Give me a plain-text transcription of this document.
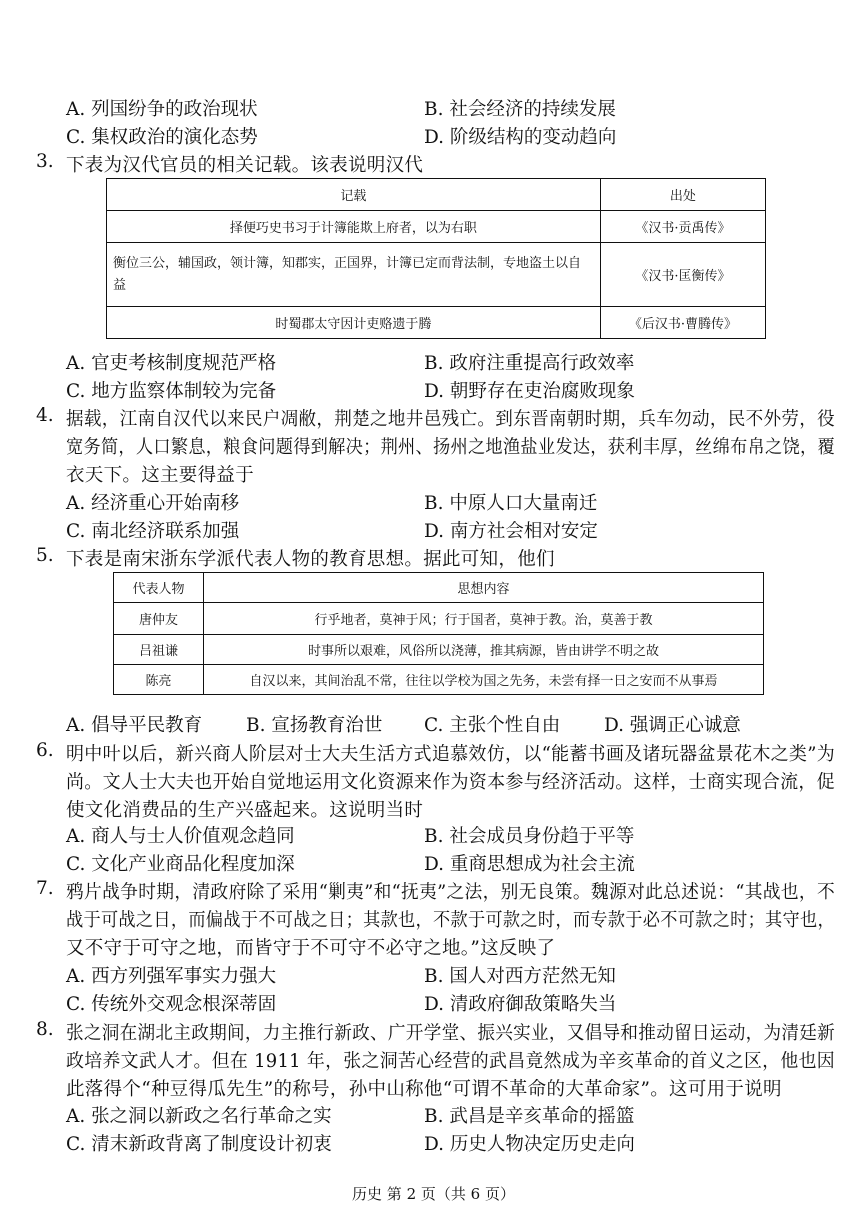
A. 列国纷争的政治现状	B. 社会经济的持续发展
C. 集权政治的演化态势	D. 阶级结构的变动趋向
3. 下表为汉代官员的相关记载。该表说明汉代
记载	出处
择便巧史书习于计簿能欺上府者，以为右职	《汉书·贡禹传》
衡位三公，辅国政，领计簿，知郡实，正国界，计簿已定而背法制，专地盗土以自益	《汉书·匡衡传》
时蜀郡太守因计吏赂遗于腾	《后汉书·曹腾传》
A. 官吏考核制度规范严格	B. 政府注重提高行政效率
C. 地方监察体制较为完备	D. 朝野存在吏治腐败现象
4. 据载，江南自汉代以来民户凋敝，荆楚之地井邑残亡。到东晋南朝时期，兵车勿动，民不外劳，役
宽务简，人口繁息，粮食问题得到解决；荆州、扬州之地渔盐业发达，获利丰厚，丝绵布帛之饶，覆
衣天下。这主要得益于
A. 经济重心开始南移	B. 中原人口大量南迁
C. 南北经济联系加强	D. 南方社会相对安定
5. 下表是南宋浙东学派代表人物的教育思想。据此可知，他们
代表人物	思想内容
唐仲友	行乎地者，莫神于风；行于国者，莫神于教。治，莫善于教
吕祖谦	时事所以艰难，风俗所以浇薄，推其病源，皆由讲学不明之故
陈亮	自汉以来，其间治乱不常，往往以学校为国之先务，未尝有择一日之安而不从事焉
A. 倡导平民教育 B. 宣扬教育治世 C. 主张个性自由 D. 强调正心诚意
6. 明中叶以后，新兴商人阶层对士大夫生活方式追慕效仿，以“能蓄书画及诸玩器盆景花木之类”为
尚。文人士大夫也开始自觉地运用文化资源来作为资本参与经济活动。这样，士商实现合流，促
使文化消费品的生产兴盛起来。这说明当时
A. 商人与士人价值观念趋同	B. 社会成员身份趋于平等
C. 文化产业商品化程度加深	D. 重商思想成为社会主流
7. 鸦片战争时期，清政府除了采用“剿夷”和“抚夷”之法，别无良策。魏源对此总述说：“其战也，不
战于可战之日，而偏战于不可战之日；其款也，不款于可款之时，而专款于必不可款之时；其守也，
又不守于可守之地，而皆守于不可守不必守之地。”这反映了
A. 西方列强军事实力强大	B. 国人对西方茫然无知
C. 传统外交观念根深蒂固	D. 清政府御敌策略失当
8. 张之洞在湖北主政期间，力主推行新政、广开学堂、振兴实业，又倡导和推动留日运动，为清廷新
政培养文武人才。但在 1911 年，张之洞苦心经营的武昌竟然成为辛亥革命的首义之区，他也因
此落得个“种豆得瓜先生”的称号，孙中山称他“可谓不革命的大革命家”。这可用于说明
A. 张之洞以新政之名行革命之实	B. 武昌是辛亥革命的摇篮
C. 清末新政背离了制度设计初衷	D. 历史人物决定历史走向
历史 第 2 页（共 6 页）
